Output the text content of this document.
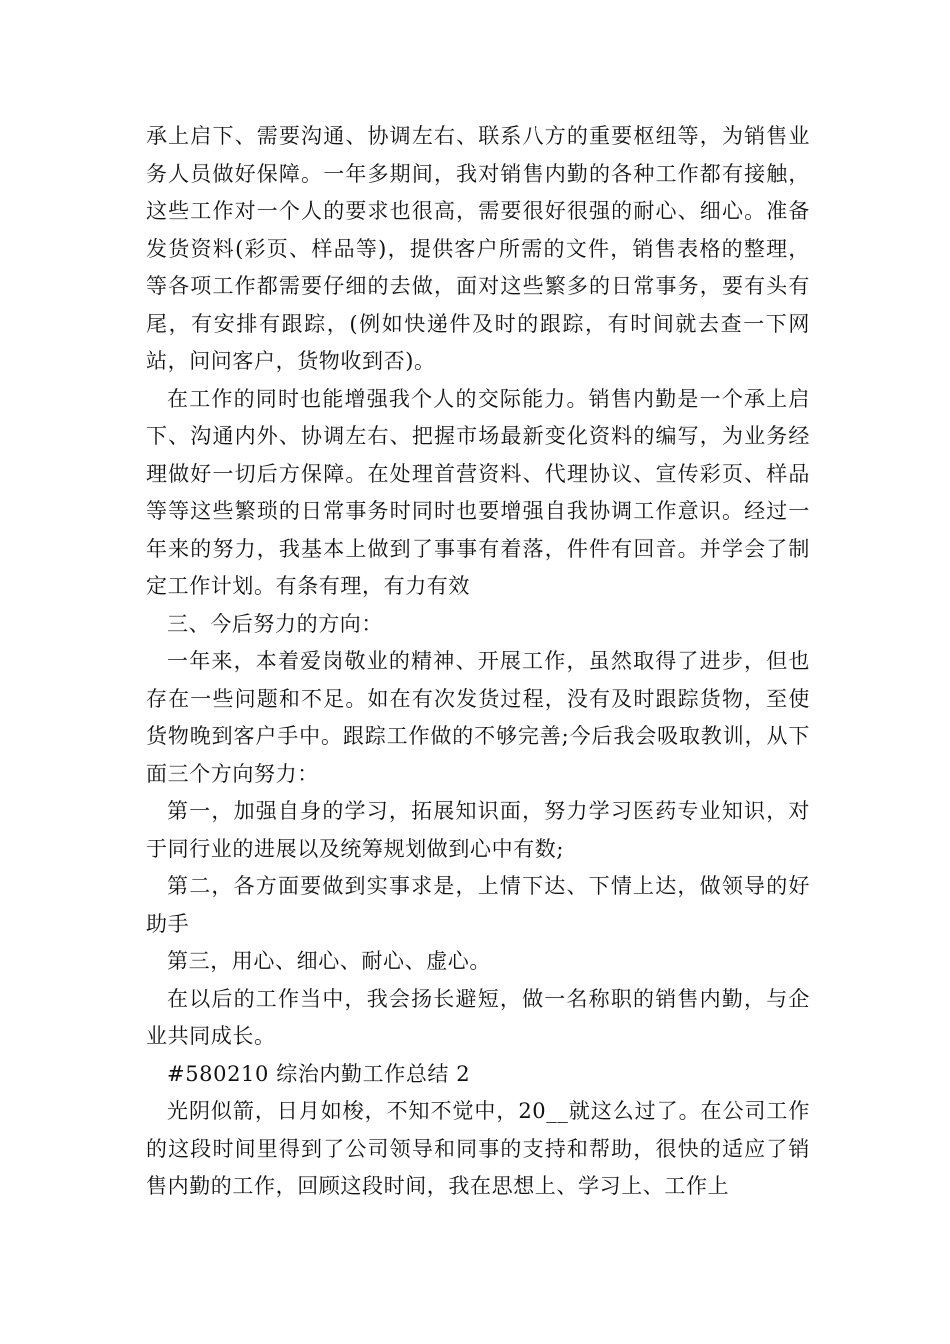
承上启下、需要沟通、协调左右、联系八方的重要枢纽等，为销售业务人员做好保障。一年多期间，我对销售内勤的各种工作都有接触，这些工作对一个人的要求也很高，需要很好很强的耐心、细心。准备发货资料(彩页、样品等)，提供客户所需的文件，销售表格的整理，等各项工作都需要仔细的去做，面对这些繁多的日常事务，要有头有尾，有安排有跟踪，(例如快递件及时的跟踪，有时间就去查一下网站，问问客户，货物收到否)。

在工作的同时也能增强我个人的交际能力。销售内勤是一个承上启下、沟通内外、协调左右、把握市场最新变化资料的编写，为业务经理做好一切后方保障。在处理首营资料、代理协议、宣传彩页、样品等等这些繁琐的日常事务时同时也要增强自我协调工作意识。经过一年来的努力，我基本上做到了事事有着落，件件有回音。并学会了制定工作计划。有条有理，有力有效

三、今后努力的方向：

一年来，本着爱岗敬业的精神、开展工作，虽然取得了进步，但也存在一些问题和不足。如在有次发货过程，没有及时跟踪货物，至使货物晚到客户手中。跟踪工作做的不够完善;今后我会吸取教训，从下面三个方向努力：

第一，加强自身的学习，拓展知识面，努力学习医药专业知识，对于同行业的进展以及统筹规划做到心中有数;

第二，各方面要做到实事求是，上情下达、下情上达，做领导的好助手

第三，用心、细心、耐心、虚心。

在以后的工作当中，我会扬长避短，做一名称职的销售内勤，与企业共同成长。

#580210 综治内勤工作总结 2

光阴似箭，日月如梭，不知不觉中，20__就这么过了。在公司工作的这段时间里得到了公司领导和同事的支持和帮助，很快的适应了销售内勤的工作，回顾这段时间，我在思想上、学习上、工作上
